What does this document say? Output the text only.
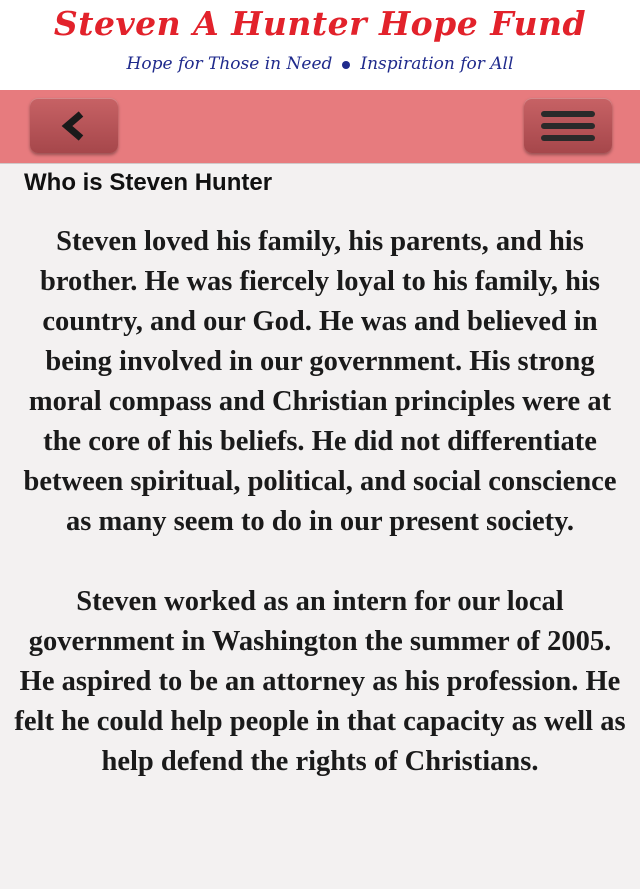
Steven A Hunter Hope Fund
Hope for Those in Need Inspiration for All
Who is Steven Hunter

Steven loved his family, his parents, and his brother. He was fiercely loyal to his family, his country, and our God. He was and believed in being involved in our government. His strong moral compass and Christian principles were at the core of his beliefs. He did not differentiate between spiritual, political, and social conscience as many seem to do in our present society.

Steven worked as an intern for our local government in Washington the summer of 2005. He aspired to be an attorney as his profession. He felt he could help people in that capacity as well as help defend the rights of Christians.
